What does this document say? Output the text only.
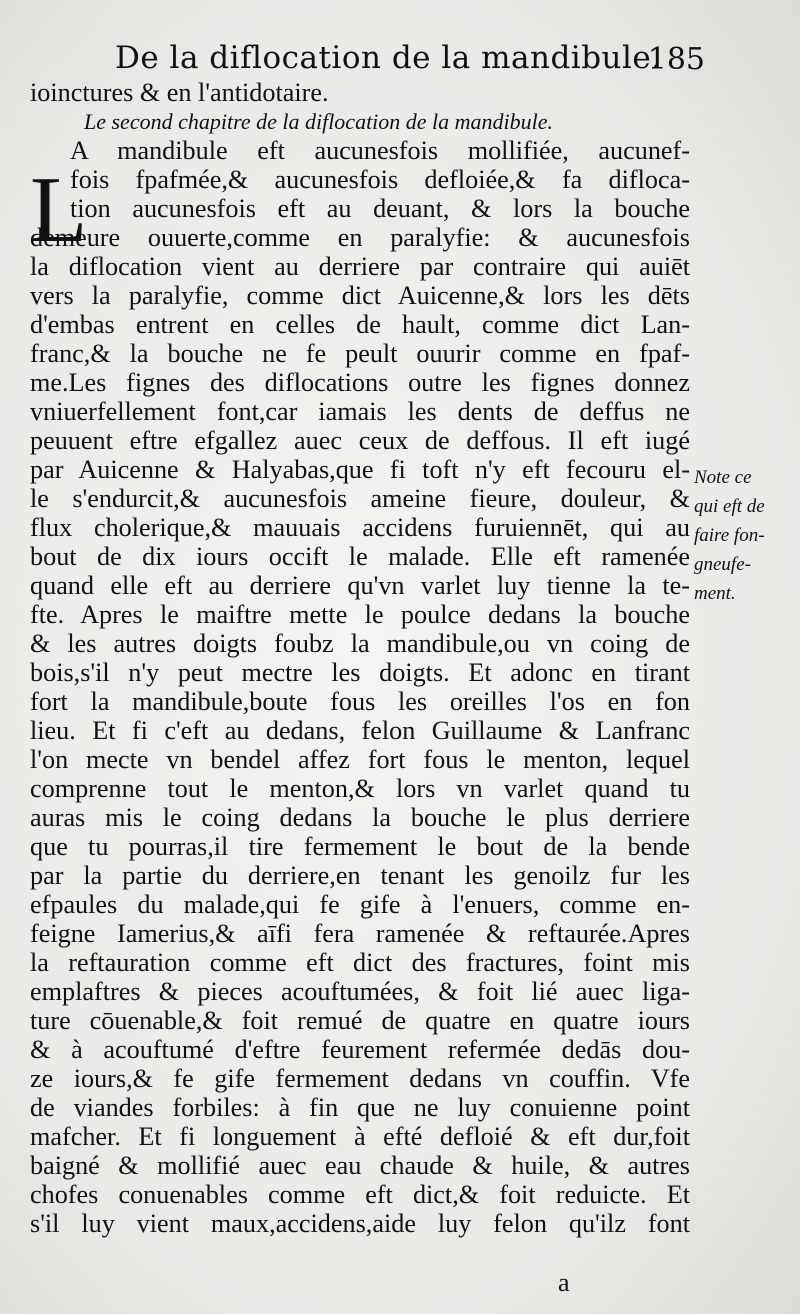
De la diflocation de la mandibule.
185
L
ioinctures & en l'antidotaire.
Le second chapitre de la diflocation de la mandibule.
A mandibule eft aucunesfois mollifiée, aucunef-
fois fpafmée,& aucunesfois defloiée,& fa difloca-
tion aucunesfois eft au deuant, & lors la bouche
demeure ouuerte,comme en paralyfie: & aucunesfois
la diflocation vient au derriere par contraire qui auiēt
vers la paralyfie, comme dict Auicenne,& lors les dēts
d'embas entrent en celles de hault, comme dict Lan-
franc,& la bouche ne fe peult ouurir comme en fpaf-
me.Les fignes des diflocations outre les fignes donnez
vniuerfellement font,car iamais les dents de deffus ne
peuuent eftre efgallez auec ceux de deffous. Il eft iugé
par Auicenne & Halyabas,que fi toft n'y eft fecouru el-
le s'endurcit,& aucunesfois ameine fieure, douleur, &
flux cholerique,& mauuais accidens furuiennēt, qui au
bout de dix iours occift le malade. Elle eft ramenée
quand elle eft au derriere qu'vn varlet luy tienne la te-
fte. Apres le maiftre mette le poulce dedans la bouche
& les autres doigts foubz la mandibule,ou vn coing de
bois,s'il n'y peut mectre les doigts. Et adonc en tirant
fort la mandibule,boute fous les oreilles l'os en fon
lieu. Et fi c'eft au dedans, felon Guillaume & Lanfranc
l'on mecte vn bendel affez fort fous le menton, lequel
comprenne tout le menton,& lors vn varlet quand tu
auras mis le coing dedans la bouche le plus derriere
que tu pourras,il tire fermement le bout de la bende
par la partie du derriere,en tenant les genoilz fur les
efpaules du malade,qui fe gife à l'enuers, comme en-
feigne Iamerius,& aīfi fera ramenée & reftaurée.Apres
la reftauration comme eft dict des fractures, foint mis
emplaftres & pieces acouftumées, & foit lié auec liga-
ture cōuenable,& foit remué de quatre en quatre iours
& à acouftumé d'eftre feurement refermée dedās dou-
ze iours,& fe gife fermement dedans vn couffin. Vfe
de viandes forbiles: à fin que ne luy conuienne point
mafcher. Et fi longuement à efté defloié & eft dur,foit
baigné & mollifié auec eau chaude & huile, & autres
chofes conuenables comme eft dict,& foit reduicte. Et
s'il luy vient maux,accidens,aide luy felon qu'ilz font
Note ce
qui eft de
faire fon-
gneufe-
ment.
a
